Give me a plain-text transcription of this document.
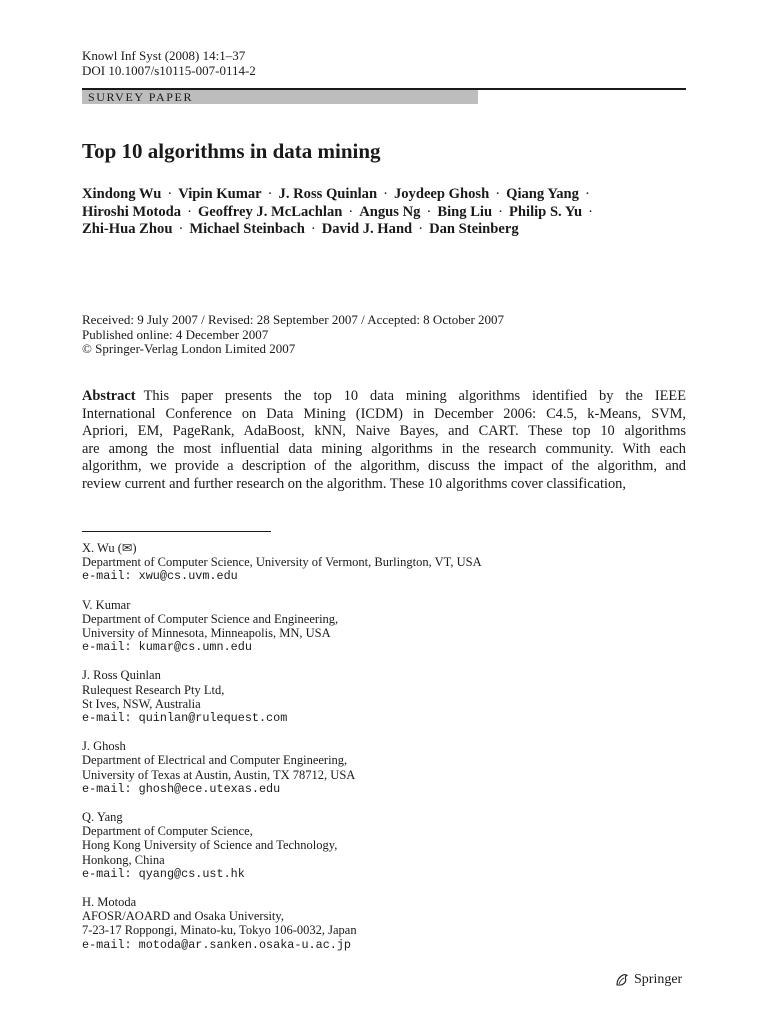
Knowl Inf Syst (2008) 14:1–37
DOI 10.1007/s10115-007-0114-2
SURVEY PAPER
Top 10 algorithms in data mining
Xindong Wu · Vipin Kumar · J. Ross Quinlan · Joydeep Ghosh · Qiang Yang ·
Hiroshi Motoda · Geoffrey J. McLachlan · Angus Ng · Bing Liu · Philip S. Yu ·
Zhi-Hua Zhou · Michael Steinbach · David J. Hand · Dan Steinberg
Received: 9 July 2007 / Revised: 28 September 2007 / Accepted: 8 October 2007
Published online: 4 December 2007
© Springer-Verlag London Limited 2007
Abstract This paper presents the top 10 data mining algorithms identified by the IEEE
International Conference on Data Mining (ICDM) in December 2006: C4.5, k-Means, SVM,
Apriori, EM, PageRank, AdaBoost, kNN, Naive Bayes, and CART. These top 10 algorithms
are among the most influential data mining algorithms in the research community. With each
algorithm, we provide a description of the algorithm, discuss the impact of the algorithm, and
review current and further research on the algorithm. These 10 algorithms cover classification,
X. Wu (✉)
Department of Computer Science, University of Vermont, Burlington, VT, USA
e-mail: xwu@cs.uvm.edu
V. Kumar
Department of Computer Science and Engineering,
University of Minnesota, Minneapolis, MN, USA
e-mail: kumar@cs.umn.edu
J. Ross Quinlan
Rulequest Research Pty Ltd,
St Ives, NSW, Australia
e-mail: quinlan@rulequest.com
J. Ghosh
Department of Electrical and Computer Engineering,
University of Texas at Austin, Austin, TX 78712, USA
e-mail: ghosh@ece.utexas.edu
Q. Yang
Department of Computer Science,
Hong Kong University of Science and Technology,
Honkong, China
e-mail: qyang@cs.ust.hk
H. Motoda
AFOSR/AOARD and Osaka University,
7-23-17 Roppongi, Minato-ku, Tokyo 106-0032, Japan
e-mail: motoda@ar.sanken.osaka-u.ac.jp
Springer
